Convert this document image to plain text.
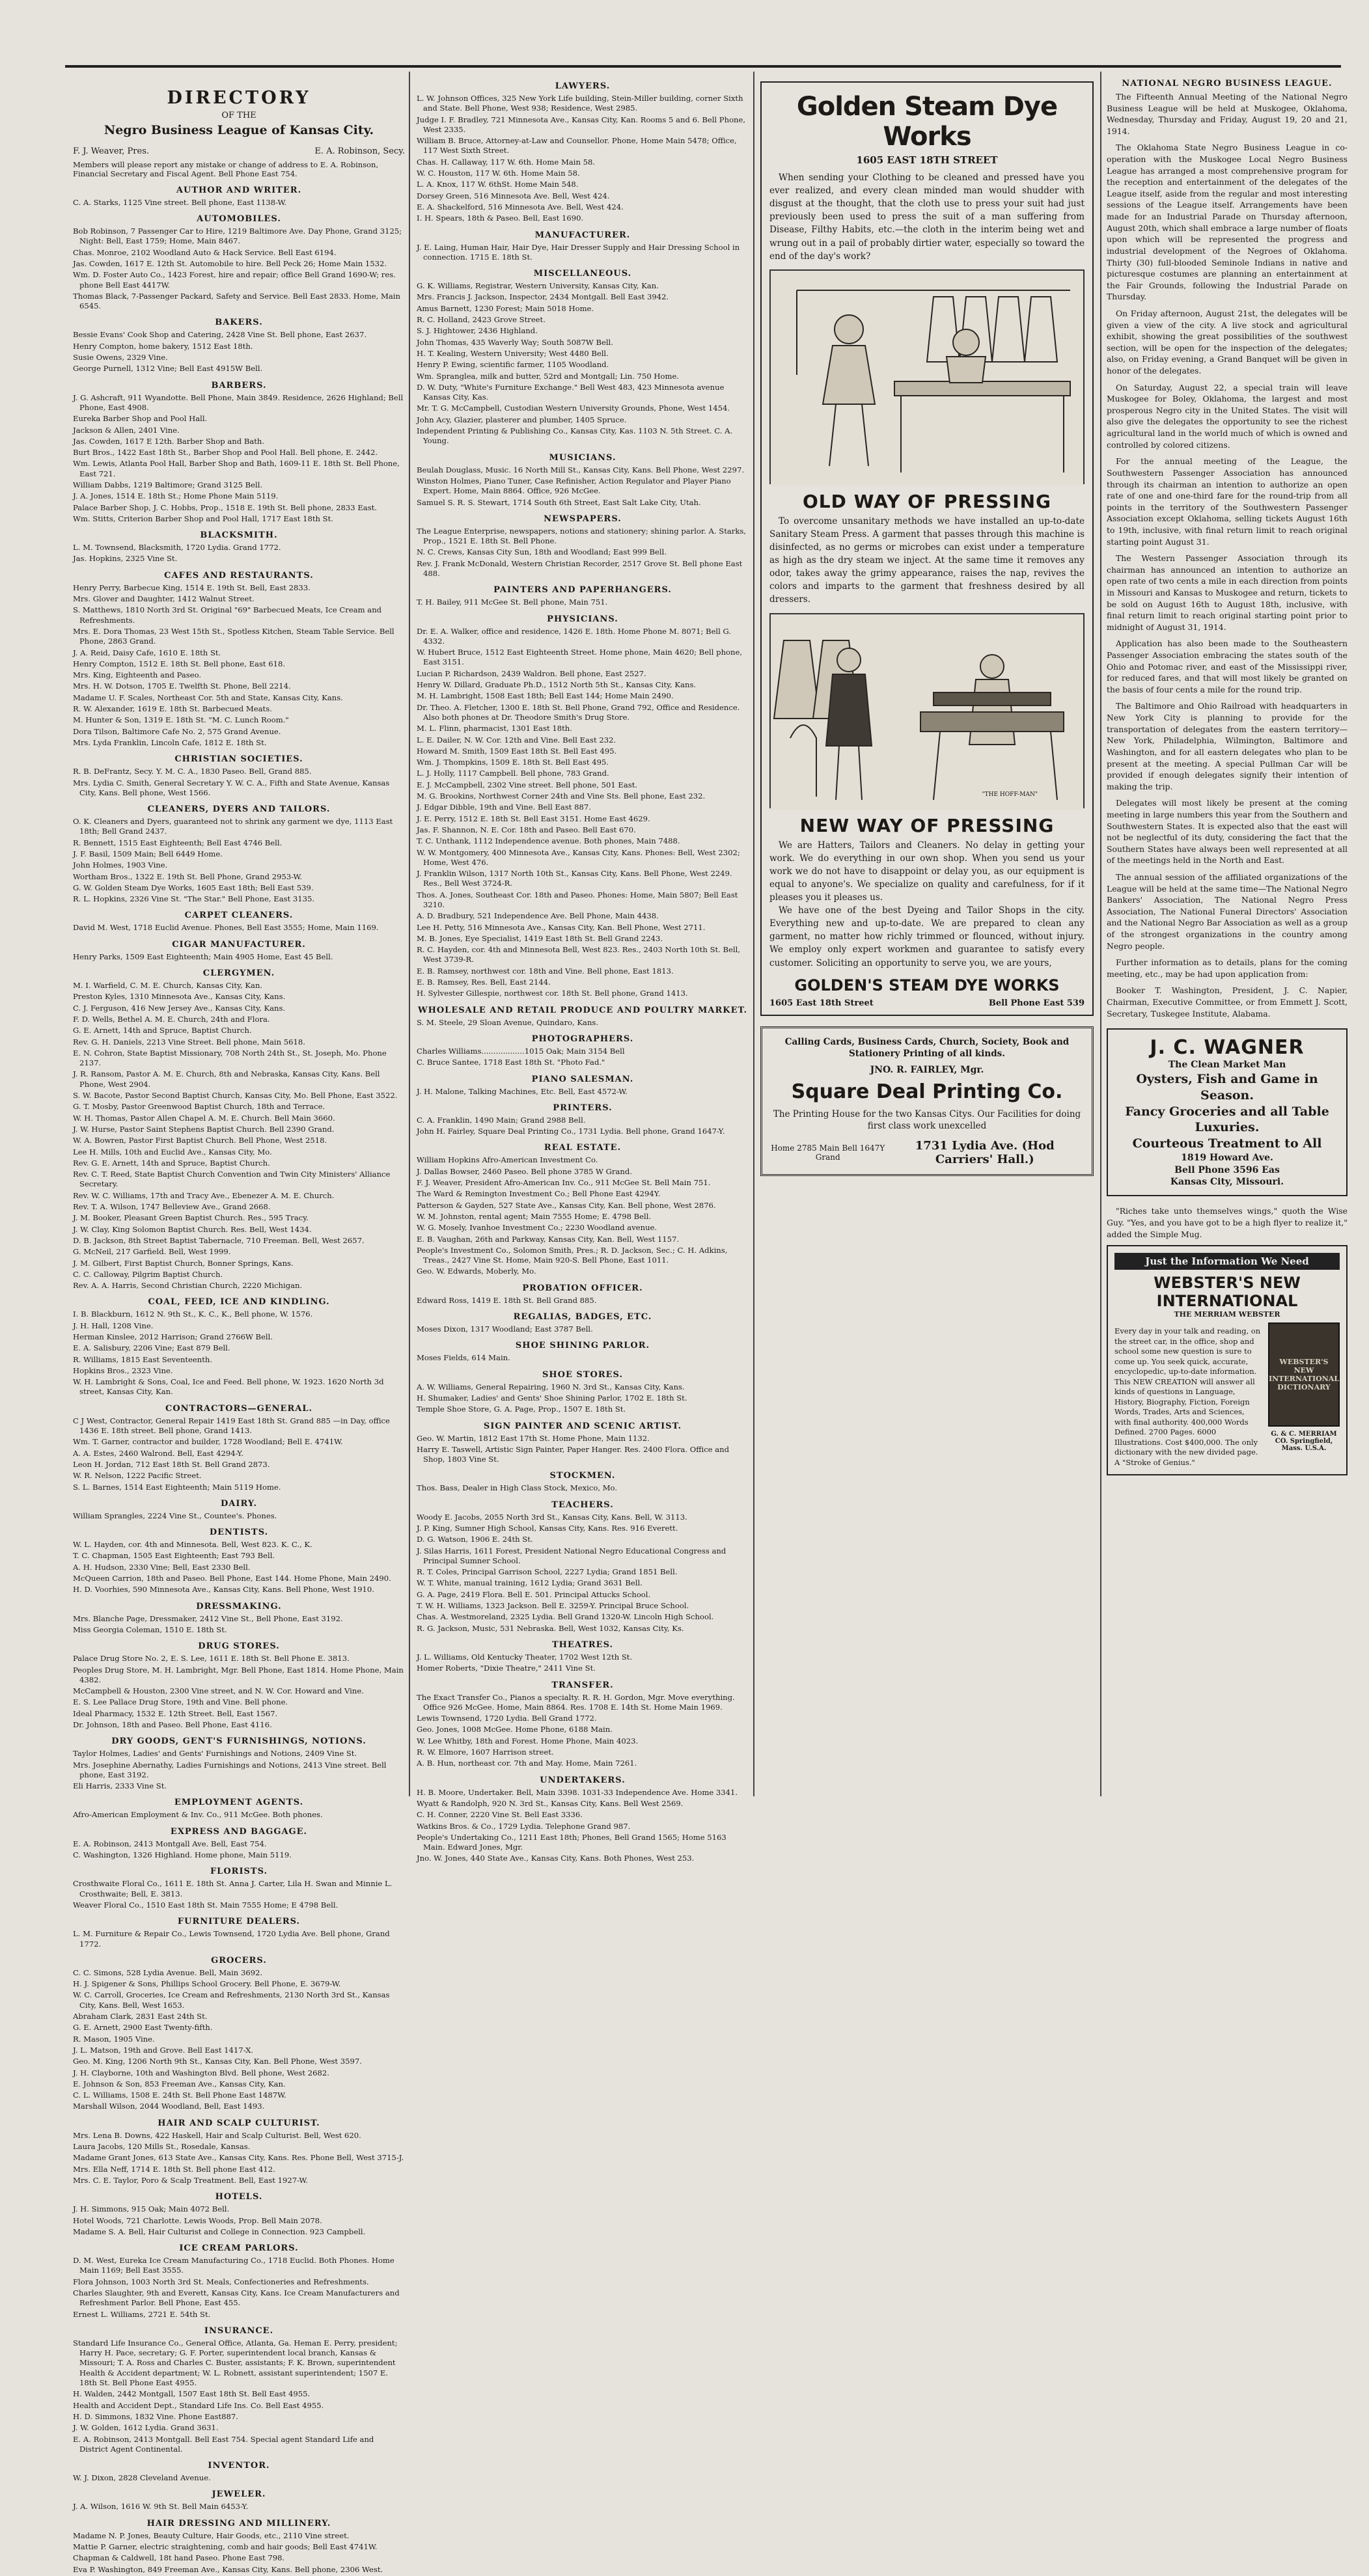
DIRECTORY
OF THE
Negro Business League of Kansas City.
F. J. Weaver, Pres.	E. A. Robinson, Secy.
Members will please report any mistake or change of address to E. A. Robinson, Financial Secretary and Fiscal Agent. Bell Phone East 754.
AUTHOR AND WRITER.
C. A. Starks, 1125 Vine street. Bell phone, East 1138-W.
AUTOMOBILES.
Bob Robinson, 7 Passenger Car to Hire, 1219 Baltimore Ave. Day Phone, Grand 3125; Night: Bell, East 1759; Home, Main 8467.
Chas. Monroe, 2102 Woodland Auto & Hack Service. Bell East 6194.
Jas. Cowden, 1617 E. 12th St. Automobile to hire. Bell Peck 26; Home Main 1532.
Wm. D. Foster Auto Co., 1423 Forest, hire and repair; office Bell Grand 1690-W; res. phone Bell East 4417W.
Thomas Black, 7-Passenger Packard, Safety and Service. Bell East 2833. Home, Main 6545.
BAKERS.
Bessie Evans' Cook Shop and Catering, 2428 Vine St. Bell phone, East 2637.
Henry Compton, home bakery, 1512 East 18th.
Susie Owens, 2329 Vine.
George Purnell, 1312 Vine; Bell East 4915W Bell.
BARBERS.
J. G. Ashcraft, 911 Wyandotte. Bell Phone, Main 3849. Residence, 2626 Highland; Bell Phone, East 4908.
Eureka Barber Shop and Pool Hall.
Jackson & Allen, 2401 Vine.
Jas. Cowden, 1617 E 12th. Barber Shop and Bath.
Burt Bros., 1422 East 18th St., Barber Shop and Pool Hall. Bell phone, E. 2442.
Wm. Lewis, Atlanta Pool Hall, Barber Shop and Bath, 1609-11 E. 18th St. Bell Phone, East 721.
William Dabbs, 1219 Baltimore; Grand 3125 Bell.
J. A. Jones, 1514 E. 18th St.; Home Phone Main 5119.
Palace Barber Shop, J. C. Hobbs, Prop., 1518 E. 19th St. Bell phone, 2833 East.
Wm. Stitts, Criterion Barber Shop and Pool Hall, 1717 East 18th St.
BLACKSMITH.
L. M. Townsend, Blacksmith, 1720 Lydia. Grand 1772.
Jas. Hopkins, 2325 Vine St.
CAFES AND RESTAURANTS.
Henry Perry, Barbecue King, 1514 E. 19th St. Bell, East 2833.
Mrs. Glover and Daughter, 1412 Walnut Street.
S. Matthews, 1810 North 3rd St. Original "69" Barbecued Meats, Ice Cream and Refreshments.
Mrs. E. Dora Thomas, 23 West 15th St., Spotless Kitchen, Steam Table Service. Bell Phone, 2863 Grand.
J. A. Reid, Daisy Cafe, 1610 E. 18th St.
Henry Compton, 1512 E. 18th St. Bell phone, East 618.
Mrs. King, Eighteenth and Paseo.
Mrs. H. W. Dotson, 1705 E. Twelfth St. Phone, Bell 2214.
Madame U. F. Scales, Northeast Cor. 5th and State, Kansas City, Kans.
R. W. Alexander, 1619 E. 18th St. Barbecued Meats.
M. Hunter & Son, 1319 E. 18th St. "M. C. Lunch Room."
Dora Tilson, Baltimore Cafe No. 2, 575 Grand Avenue.
Mrs. Lyda Franklin, Lincoln Cafe, 1812 E. 18th St.
CHRISTIAN SOCIETIES.
R. B. DeFrantz, Secy. Y. M. C. A., 1830 Paseo. Bell, Grand 885.
Mrs. Lydia C. Smith, General Secretary Y. W. C. A., Fifth and State Avenue, Kansas City, Kans. Bell phone, West 1566.
CLEANERS, DYERS AND TAILORS.
O. K. Cleaners and Dyers, guaranteed not to shrink any garment we dye, 1113 East 18th; Bell Grand 2437.
R. Bennett, 1515 East Eighteenth; Bell East 4746 Bell.
J. F. Basil, 1509 Main; Bell 6449 Home.
John Holmes, 1903 Vine.
Wortham Bros., 1322 E. 19th St. Bell Phone, Grand 2953-W.
G. W. Golden Steam Dye Works, 1605 East 18th; Bell East 539.
R. L. Hopkins, 2326 Vine St. "The Star." Bell Phone, East 3135.
CARPET CLEANERS.
David M. West, 1718 Euclid Avenue. Phones, Bell East 3555; Home, Main 1169.
CIGAR MANUFACTURER.
Henry Parks, 1509 East Eighteenth; Main 4905 Home, East 45 Bell.
CLERGYMEN.
M. I. Warfield, C. M. E. Church, Kansas City, Kan.
Preston Kyles, 1310 Minnesota Ave., Kansas City, Kans.
C. J. Ferguson, 416 New Jersey Ave., Kansas City, Kans.
F. D. Wells, Bethel A. M. E. Church, 24th and Flora.
G. E. Arnett, 14th and Spruce, Baptist Church.
Rev. G. H. Daniels, 2213 Vine Street. Bell phone, Main 5618.
E. N. Cohron, State Baptist Missionary, 708 North 24th St., St. Joseph, Mo. Phone 2137.
J. R. Ransom, Pastor A. M. E. Church, 8th and Nebraska, Kansas City, Kans. Bell Phone, West 2904.
S. W. Bacote, Pastor Second Baptist Church, Kansas City, Mo. Bell Phone, East 3522.
G. T. Mosby, Pastor Greenwood Baptist Church, 18th and Terrace.
W. H. Thomas, Pastor Allen Chapel A. M. E. Church. Bell Main 3660.
J. W. Hurse, Pastor Saint Stephens Baptist Church. Bell 2390 Grand.
W. A. Bowren, Pastor First Baptist Church. Bell Phone, West 2518.
Lee H. Mills, 10th and Euclid Ave., Kansas City, Mo.
Rev. G. E. Arnett, 14th and Spruce, Baptist Church.
Rev. C. T. Reed, State Baptist Church Convention and Twin City Ministers' Alliance Secretary.
Rev. W. C. Williams, 17th and Tracy Ave., Ebenezer A. M. E. Church.
Rev. T. A. Wilson, 1747 Belleview Ave., Grand 2668.
J. M. Booker, Pleasant Green Baptist Church. Res., 595 Tracy.
J. W. Clay, King Solomon Baptist Church. Res. Bell, West 1434.
D. B. Jackson, 8th Street Baptist Tabernacle, 710 Freeman. Bell, West 2657.
G. McNeil, 217 Garfield. Bell, West 1999.
J. M. Gilbert, First Baptist Church, Bonner Springs, Kans.
C. C. Calloway, Pilgrim Baptist Church.
Rev. A. A. Harris, Second Christian Church, 2220 Michigan.
COAL, FEED, ICE AND KINDLING.
I. B. Blackburn, 1612 N. 9th St., K. C., K., Bell phone, W. 1576.
J. H. Hall, 1208 Vine.
Herman Kinslee, 2012 Harrison; Grand 2766W Bell.
E. A. Salisbury, 2206 Vine; East 879 Bell.
R. Williams, 1815 East Seventeenth.
Hopkins Bros., 2323 Vine.
W. H. Lambright & Sons, Coal, Ice and Feed. Bell phone, W. 1923. 1620 North 3d street, Kansas City, Kan.
CONTRACTORS—GENERAL.
C J West, Contractor, General Repair 1419 East 18th St. Grand 885 —in Day, office 1436 E. 18th street. Bell phone, Grand 1413.
Wm. T. Garner, contractor and builder, 1728 Woodland; Bell E. 4741W.
A. A. Estes, 2460 Walrond. Bell, East 4294-Y.
Leon H. Jordan, 712 East 18th St. Bell Grand 2873.
W. R. Nelson, 1222 Pacific Street.
S. L. Barnes, 1514 East Eighteenth; Main 5119 Home.
DAIRY.
William Sprangles, 2224 Vine St., Countee's. Phones.
DENTISTS.
W. L. Hayden, cor. 4th and Minnesota. Bell, West 823. K. C., K.
T. C. Chapman, 1505 East Eighteenth; East 793 Bell.
A. H. Hudson, 2330 Vine; Bell, East 2330 Bell.
McQueen Carrion, 18th and Paseo. Bell Phone, East 144. Home Phone, Main 2490.
H. D. Voorhies, 590 Minnesota Ave., Kansas City, Kans. Bell Phone, West 1910.
DRESSMAKING.
Mrs. Blanche Page, Dressmaker, 2412 Vine St., Bell Phone, East 3192.
Miss Georgia Coleman, 1510 E. 18th St.
DRUG STORES.
Palace Drug Store No. 2, E. S. Lee, 1611 E. 18th St. Bell Phone E. 3813.
Peoples Drug Store, M. H. Lambright, Mgr. Bell Phone, East 1814. Home Phone, Main 4382.
McCampbell & Houston, 2300 Vine street, and N. W. Cor. Howard and Vine.
E. S. Lee Pallace Drug Store, 19th and Vine. Bell phone.
Ideal Pharmacy, 1532 E. 12th Street. Bell, East 1567.
Dr. Johnson, 18th and Paseo. Bell Phone, East 4116.
DRY GOODS, GENT'S FURNISHINGS, NOTIONS.
Taylor Holmes, Ladies' and Gents' Furnishings and Notions, 2409 Vine St.
Mrs. Josephine Abernathy, Ladies Furnishings and Notions, 2413 Vine street. Bell phone, East 3192.
Eli Harris, 2333 Vine St.
EMPLOYMENT AGENTS.
Afro-American Employment & Inv. Co., 911 McGee. Both phones.
EXPRESS AND BAGGAGE.
E. A. Robinson, 2413 Montgall Ave. Bell, East 754.
C. Washington, 1326 Highland. Home phone, Main 5119.
FLORISTS.
Crosthwaite Floral Co., 1611 E. 18th St. Anna J. Carter, Lila H. Swan and Minnie L. Crosthwaite; Bell, E. 3813.
Weaver Floral Co., 1510 East 18th St. Main 7555 Home; E 4798 Bell.
FURNITURE DEALERS.
L. M. Furniture & Repair Co., Lewis Townsend, 1720 Lydia Ave. Bell phone, Grand 1772.
GROCERS.
C. C. Simons, 528 Lydia Avenue. Bell, Main 3692.
H. J. Spigener & Sons, Phillips School Grocery. Bell Phone, E. 3679-W.
W. C. Carroll, Groceries, Ice Cream and Refreshments, 2130 North 3rd St., Kansas City, Kans. Bell, West 1653.
Abraham Clark, 2831 East 24th St.
G. E. Arnett, 2900 East Twenty-fifth.
R. Mason, 1905 Vine.
J. L. Matson, 19th and Grove. Bell East 1417-X.
Geo. M. King, 1206 North 9th St., Kansas City, Kan. Bell Phone, West 3597.
J. H. Clayborne, 10th and Washington Blvd. Bell phone, West 2682.
E. Johnson & Son, 853 Freeman Ave., Kansas City, Kan.
C. L. Williams, 1508 E. 24th St. Bell Phone East 1487W.
Marshall Wilson, 2044 Woodland, Bell, East 1493.
HAIR AND SCALP CULTURIST.
Mrs. Lena B. Downs, 422 Haskell, Hair and Scalp Culturist. Bell, West 620.
Laura Jacobs, 120 Mills St., Rosedale, Kansas.
Madame Grant Jones, 613 State Ave., Kansas City, Kans. Res. Phone Bell, West 3715-J.
Mrs. Ella Neff, 1714 E. 18th St. Bell phone East 412.
Mrs. C. E. Taylor, Poro & Scalp Treatment. Bell, East 1927-W.
HOTELS.
J. H. Simmons, 915 Oak; Main 4072 Bell.
Hotel Woods, 721 Charlotte. Lewis Woods, Prop. Bell Main 2078.
Madame S. A. Bell, Hair Culturist and College in Connection. 923 Campbell.
ICE CREAM PARLORS.
D. M. West, Eureka Ice Cream Manufacturing Co., 1718 Euclid. Both Phones. Home Main 1169; Bell East 3555.
Flora Johnson, 1003 North 3rd St. Meals, Confectioneries and Refreshments.
Charles Slaughter, 9th and Everett, Kansas City, Kans. Ice Cream Manufacturers and Refreshment Parlor. Bell Phone, East 455.
Ernest L. Williams, 2721 E. 54th St.
INSURANCE.
Standard Life Insurance Co., General Office, Atlanta, Ga. Heman E. Perry, president; Harry H. Pace, secretary; G. F. Porter, superintendent local branch, Kansas & Missouri; T. A. Ross and Charles C. Buster, assistants; F. K. Brown, superintendent Health & Accident department; W. L. Robnett, assistant superintendent; 1507 E. 18th St. Bell Phone East 4955.
H. Walden, 2442 Montgall, 1507 East 18th St. Bell East 4955.
Health and Accident Dept., Standard Life Ins. Co. Bell East 4955.
H. D. Simmons, 1832 Vine. Phone East887.
J. W. Golden, 1612 Lydia. Grand 3631.
E. A. Robinson, 2413 Montgall. Bell East 754. Special agent Standard Life and District Agent Continental.
INVENTOR.
W. J. Dixon, 2828 Cleveland Avenue.
JEWELER.
J. A. Wilson, 1616 W. 9th St. Bell Main 6453-Y.
HAIR DRESSING AND MILLINERY.
Madame N. P. Jones, Beauty Culture, Hair Goods, etc., 2110 Vine street.
Mattie P. Garner, electric straightening, comb and hair goods; Bell East 4741W.
Chapman & Caldwell, 18t hand Paseo. Phone East 798.
Eva P. Washington, 849 Freeman Ave., Kansas City, Kans. Bell phone, 2306 West.
LAWYERS.
L. W. Johnson Offices, 325 New York Life building, Stein-Miller building, corner Sixth and State. Bell Phone, West 938; Residence, West 2985.
Judge I. F. Bradley, 721 Minnesota Ave., Kansas City, Kan. Rooms 5 and 6. Bell Phone, West 2335.
William B. Bruce, Attorney-at-Law and Counsellor. Phone, Home Main 5478; Office, 117 West Sixth Street.
Chas. H. Callaway, 117 W. 6th. Home Main 58.
W. C. Houston, 117 W. 6th. Home Main 58.
L. A. Knox, 117 W. 6thSt. Home Main 548.
Dorsey Green, 516 Minnesota Ave. Bell, West 424.
E. A. Shackelford, 516 Minnesota Ave. Bell, West 424.
I. H. Spears, 18th & Paseo. Bell, East 1690.
MANUFACTURER.
J. E. Laing, Human Hair, Hair Dye, Hair Dresser Supply and Hair Dressing School in connection. 1715 E. 18th St.
MISCELLANEOUS.
G. K. Williams, Registrar, Western University, Kansas City, Kan.
Mrs. Francis J. Jackson, Inspector, 2434 Montgall. Bell East 3942.
Amus Barnett, 1230 Forest; Main 5018 Home.
R. C. Holland, 2423 Grove Street.
S. J. Hightower, 2436 Highland.
John Thomas, 435 Waverly Way; South 5087W Bell.
H. T. Kealing, Western University; West 4480 Bell.
Henry P. Ewing, scientific farmer, 1105 Woodland.
Wm. Spranglea, milk and butter, 52rd and Montgall; Lin. 750 Home.
D. W. Duty, "White's Furniture Exchange." Bell West 483, 423 Minnesota avenue Kansas City, Kas.
Mr. T. G. McCampbell, Custodian Western University Grounds, Phone, West 1454.
John Acy, Glazier, plasterer and plumber, 1405 Spruce.
Independent Printing & Publishing Co., Kansas City, Kas. 1103 N. 5th Street. C. A. Young.
MUSICIANS.
Beulah Douglass, Music. 16 North Mill St., Kansas City, Kans. Bell Phone, West 2297.
Winston Holmes, Piano Tuner, Case Refinisher, Action Regulator and Player Piano Expert. Home, Main 8864. Office, 926 McGee.
Samuel S. R. S. Stewart, 1714 South 6th Street, East Salt Lake City, Utah.
NEWSPAPERS.
The League Enterprise, newspapers, notions and stationery; shining parlor. A. Starks, Prop., 1521 E. 18th St. Bell Phone.
N. C. Crews, Kansas City Sun, 18th and Woodland; East 999 Bell.
Rev. J. Frank McDonald, Western Christian Recorder, 2517 Grove St. Bell phone East 488.
PAINTERS AND PAPERHANGERS.
T. H. Bailey, 911 McGee St. Bell phone, Main 751.
PHYSICIANS.
Dr. E. A. Walker, office and residence, 1426 E. 18th. Home Phone M. 8071; Bell G. 4332.
W. Hubert Bruce, 1512 East Eighteenth Street. Home phone, Main 4620; Bell phone, East 3151.
Lucian P. Richardson, 2439 Waldron. Bell phone, East 2527.
Henry W. Dillard, Graduate Ph.D., 1512 North 5th St., Kansas City, Kans.
M. H. Lambright, 1508 East 18th; Bell East 144; Home Main 2490.
Dr. Theo. A. Fletcher, 1300 E. 18th St. Bell Phone, Grand 792, Office and Residence. Also both phones at Dr. Theodore Smith's Drug Store.
M. L. Flinn, pharmacist, 1301 East 18th.
L. E. Dailer, N. W. Cor. 12th and Vine. Bell East 232.
Howard M. Smith, 1509 East 18th St. Bell East 495.
Wm. J. Thompkins, 1509 E. 18th St. Bell East 495.
L. J. Holly, 1117 Campbell. Bell phone, 783 Grand.
E. J. McCampbell, 2302 Vine street. Bell phone, 501 East.
M. G. Brookins, Northwest Corner 24th and Vine Sts. Bell phone, East 232.
J. Edgar Dibble, 19th and Vine. Bell East 887.
J. E. Perry, 1512 E. 18th St. Bell East 3151. Home East 4629.
Jas. F. Shannon, N. E. Cor. 18th and Paseo. Bell East 670.
T. C. Unthank, 1112 Independence avenue. Both phones, Main 7488.
W. W. Montgomery, 400 Minnesota Ave., Kansas City, Kans. Phones: Bell, West 2302; Home, West 476.
J. Franklin Wilson, 1317 North 10th St., Kansas City, Kans. Bell Phone, West 2249. Res., Bell West 3724-R.
Thos. A. Jones, Southeast Cor. 18th and Paseo. Phones: Home, Main 5807; Bell East 3210.
A. D. Bradbury, 521 Independence Ave. Bell Phone, Main 4438.
Lee H. Petty, 516 Minnesota Ave., Kansas City, Kan. Bell Phone, West 2711.
M. B. Jones, Eye Specialist, 1419 East 18th St. Bell Grand 2243.
R. C. Hayden, cor. 4th and Minnesota Bell, West 823. Res., 2403 North 10th St. Bell, West 3739-R.
E. B. Ramsey, northwest cor. 18th and Vine. Bell phone, East 1813.
E. B. Ramsey, Res. Bell, East 2144.
H. Sylvester Gillespie, northwest cor. 18th St. Bell phone, Grand 1413.
WHOLESALE AND RETAIL PRODUCE AND POULTRY MARKET.
S. M. Steele, 29 Sloan Avenue, Quindaro, Kans.
PHOTOGRAPHERS.
Charles Williams..................1015 Oak; Main 3154 Bell
C. Bruce Santee, 1718 East 18th St. "Photo Fad."
PIANO SALESMAN.
J. H. Malone, Talking Machines, Etc. Bell, East 4572-W.
PRINTERS.
C. A. Franklin, 1490 Main; Grand 2988 Bell.
John H. Fairley, Square Deal Printing Co., 1731 Lydia. Bell phone, Grand 1647-Y.
REAL ESTATE.
William Hopkins Afro-American Investment Co.
J. Dallas Bowser, 2460 Paseo. Bell phone 3785 W Grand.
F. J. Weaver, President Afro-American Inv. Co., 911 McGee St. Bell Main 751.
The Ward & Remington Investment Co.; Bell Phone East 4294Y.
Patterson & Gayden, 527 State Ave., Kansas City, Kan. Bell phone, West 2876.
W. M. Johnston, rental agent; Main 7555 Home; E. 4798 Bell.
W. G. Mosely, Ivanhoe Investment Co.; 2230 Woodland avenue.
E. B. Vaughan, 26th and Parkway, Kansas City, Kan. Bell, West 1157.
People's Investment Co., Solomon Smith, Pres.; R. D. Jackson, Sec.; C. H. Adkins, Treas., 2427 Vine St. Home, Main 920-S. Bell Phone, East 1011.
Geo. W. Edwards, Moberly, Mo.
PROBATION OFFICER.
Edward Ross, 1419 E. 18th St. Bell Grand 885.
REGALIAS, BADGES, ETC.
Moses Dixon, 1317 Woodland; East 3787 Bell.
SHOE SHINING PARLOR.
Moses Fields, 614 Main.
SHOE STORES.
A. W. Williams, General Repairing, 1960 N. 3rd St., Kansas City, Kans.
H. Shumaker, Ladies' and Gents' Shoe Shining Parlor, 1702 E. 18th St.
Temple Shoe Store, G. A. Page, Prop., 1507 E. 18th St.
SIGN PAINTER AND SCENIC ARTIST.
Geo. W. Martin, 1812 East 17th St. Home Phone, Main 1132.
Harry E. Taswell, Artistic Sign Painter, Paper Hanger. Res. 2400 Flora. Office and Shop, 1803 Vine St.
STOCKMEN.
Thos. Bass, Dealer in High Class Stock, Mexico, Mo.
TEACHERS.
Woody E. Jacobs, 2055 North 3rd St., Kansas City, Kans. Bell, W. 3113.
J. P. King, Sumner High School, Kansas City, Kans. Res. 916 Everett.
D. G. Watson, 1906 E. 24th St.
J. Silas Harris, 1611 Forest, President National Negro Educational Congress and Principal Sumner School.
R. T. Coles, Principal Garrison School, 2227 Lydia; Grand 1851 Bell.
W. T. White, manual training, 1612 Lydia; Grand 3631 Bell.
G. A. Page, 2419 Flora. Bell E. 501. Principal Attucks School.
T. W. H. Williams, 1323 Jackson. Bell E. 3259-Y. Principal Bruce School.
Chas. A. Westmoreland, 2325 Lydia. Bell Grand 1320-W. Lincoln High School.
R. G. Jackson, Music, 531 Nebraska. Bell, West 1032, Kansas City, Ks.
THEATRES.
J. L. Williams, Old Kentucky Theater, 1702 West 12th St.
Homer Roberts, "Dixie Theatre," 2411 Vine St.
TRANSFER.
The Exact Transfer Co., Pianos a specialty. R. R. H. Gordon, Mgr. Move everything. Office 926 McGee. Home, Main 8864. Res. 1708 E. 14th St. Home Main 1969.
Lewis Townsend, 1720 Lydia. Bell Grand 1772.
Geo. Jones, 1008 McGee. Home Phone, 6188 Main.
W. Lee Whitby, 18th and Forest. Home Phone, Main 4023.
R. W. Elmore, 1607 Harrison street.
A. B. Hun, northeast cor. 7th and May. Home, Main 7261.
UNDERTAKERS.
H. B. Moore, Undertaker. Bell, Main 3398. 1031-33 Independence Ave. Home 3341.
Wyatt & Randolph, 920 N. 3rd St., Kansas City, Kans. Bell West 2569.
C. H. Conner, 2220 Vine St. Bell East 3336.
Watkins Bros. & Co., 1729 Lydia. Telephone Grand 987.
People's Undertaking Co., 1211 East 18th; Phones, Bell Grand 1565; Home 5163 Main. Edward Jones, Mgr.
Jno. W. Jones, 440 State Ave., Kansas City, Kans. Both Phones, West 253.
Golden Steam Dye Works
1605 EAST 18TH STREET
When sending your Clothing to be cleaned and pressed have you ever realized, and every clean minded man would shudder with disgust at the thought, that the cloth use to press your suit had just previously been used to press the suit of a man suffering from Disease, Filthy Habits, etc.—the cloth in the interim being wet and wrung out in a pail of probably dirtier water, especially so toward the end of the day's work?
OLD WAY OF PRESSING
To overcome unsanitary methods we have installed an up-to-date Sanitary Steam Press. A garment that passes through this machine is disinfected, as no germs or microbes can exist under a temperature as high as the dry steam we inject. At the same time it removes any odor, takes away the grimy appearance, raises the nap, revives the colors and imparts to the garment that freshness desired by all dressers.
"THE HOFF-MAN"
NEW WAY OF PRESSING
We are Hatters, Tailors and Cleaners. No delay in getting your work. We do everything in our own shop. When you send us your work we do not have to disappoint or delay you, as our equipment is equal to anyone's. We specialize on quality and carefulness, for if it pleases you it pleases us.
We have one of the best Dyeing and Tailor Shops in the city. Everything new and up-to-date. We are prepared to clean any garment, no matter how richly trimmed or flounced, without injury. We employ only expert workmen and guarantee to satisfy every customer. Soliciting an opportunity to serve you, we are yours,
GOLDEN'S STEAM DYE WORKS
1605 East 18th Street	Bell Phone East 539
Calling Cards, Business Cards, Church, Society, Book and Stationery Printing of all kinds.
JNO. R. FAIRLEY, Mgr.
Square Deal Printing Co.
The Printing House for the two Kansas Citys. Our Facilities for doing first class work unexcelled
Home 2785 Main Bell 1647Y Grand
1731 Lydia Ave. (Hod Carriers' Hall.)
NATIONAL NEGRO BUSINESS LEAGUE.
The Fifteenth Annual Meeting of the National Negro Business League will be held at Muskogee, Oklahoma, Wednesday, Thursday and Friday, August 19, 20 and 21, 1914.
The Oklahoma State Negro Business League in co-operation with the Muskogee Local Negro Business League has arranged a most comprehensive program for the reception and entertainment of the delegates of the League itself, aside from the regular and most interesting sessions of the League itself. Arrangements have been made for an Industrial Parade on Thursday afternoon, August 20th, which shall embrace a large number of floats upon which will be represented the progress and industrial development of the Negroes of Oklahoma. Thirty (30) full-blooded Seminole Indians in native and picturesque costumes are planning an entertainment at the Fair Grounds, following the Industrial Parade on Thursday.
On Friday afternoon, August 21st, the delegates will be given a view of the city. A live stock and agricultural exhibit, showing the great possibilities of the southwest section, will be open for the inspection of the delegates; also, on Friday evening, a Grand Banquet will be given in honor of the delegates.
On Saturday, August 22, a special train will leave Muskogee for Boley, Oklahoma, the largest and most prosperous Negro city in the United States. The visit will also give the delegates the opportunity to see the richest agricultural land in the world much of which is owned and controlled by colored citizens.
For the annual meeting of the League, the Southwestern Passenger Association has announced through its chairman an intention to authorize an open rate of one and one-third fare for the round-trip from all points in the territory of the Southwestern Passenger Association except Oklahoma, selling tickets August 16th to 19th, inclusive, with final return limit to reach original starting point August 31.
The Western Passenger Association through its chairman has announced an intention to authorize an open rate of two cents a mile in each direction from points in Missouri and Kansas to Muskogee and return, tickets to be sold on August 16th to August 18th, inclusive, with final return limit to reach original starting point prior to midnight of August 31, 1914.
Application has also been made to the Southeastern Passenger Association embracing the states south of the Ohio and Potomac river, and east of the Mississippi river, for reduced fares, and that will most likely be granted on the basis of four cents a mile for the round trip.
The Baltimore and Ohio Railroad with headquarters in New York City is planning to provide for the transportation of delegates from the eastern territory—New York, Philadelphia, Wilmington, Baltimore and Washington, and for all eastern delegates who plan to be present at the meeting. A special Pullman Car will be provided if enough delegates signify their intention of making the trip.
Delegates will most likely be present at the coming meeting in large numbers this year from the Southern and Southwestern States. It is expected also that the east will not be neglectful of its duty, considering the fact that the Southern States have always been well represented at all of the meetings held in the North and East.
The annual session of the affiliated organizations of the League will be held at the same time—The National Negro Bankers' Association, The National Negro Press Association, The National Funeral Directors' Association and the National Negro Bar Association as well as a group of the strongest organizations in the country among Negro people.
Further information as to details, plans for the coming meeting, etc., may be had upon application from:
Booker T. Washington, President, J. C. Napier, Chairman, Executive Committee, or from Emmett J. Scott, Secretary, Tuskegee Institute, Alabama.
J. C. WAGNER
The Clean Market Man
Oysters, Fish and Game in Season.
Fancy Groceries and all Table Luxuries.
Courteous Treatment to All
1819 Howard Ave.
Bell Phone 3596 Eas
Kansas City, Missouri.
"Riches take unto themselves wings," quoth the Wise Guy. "Yes, and you have got to be a high flyer to realize it," added the Simple Mug.
Just the Information We Need
WEBSTER'S NEW INTERNATIONAL
THE MERRIAM WEBSTER
Every day in your talk and reading, on the street car, in the office, shop and school some new question is sure to come up. You seek quick, accurate, encyclopedic, up-to-date information. This NEW CREATION will answer all kinds of questions in Language, History, Biography, Fiction, Foreign Words, Trades, Arts and Sciences, with final authority. 400,000 Words Defined. 2700 Pages. 6000 Illustrations. Cost $400,000. The only dictionary with the new divided page. A "Stroke of Genius."
WEBSTER'S NEW INTERNATIONAL DICTIONARY
G. & C. MERRIAM CO. Springfield, Mass. U.S.A.
